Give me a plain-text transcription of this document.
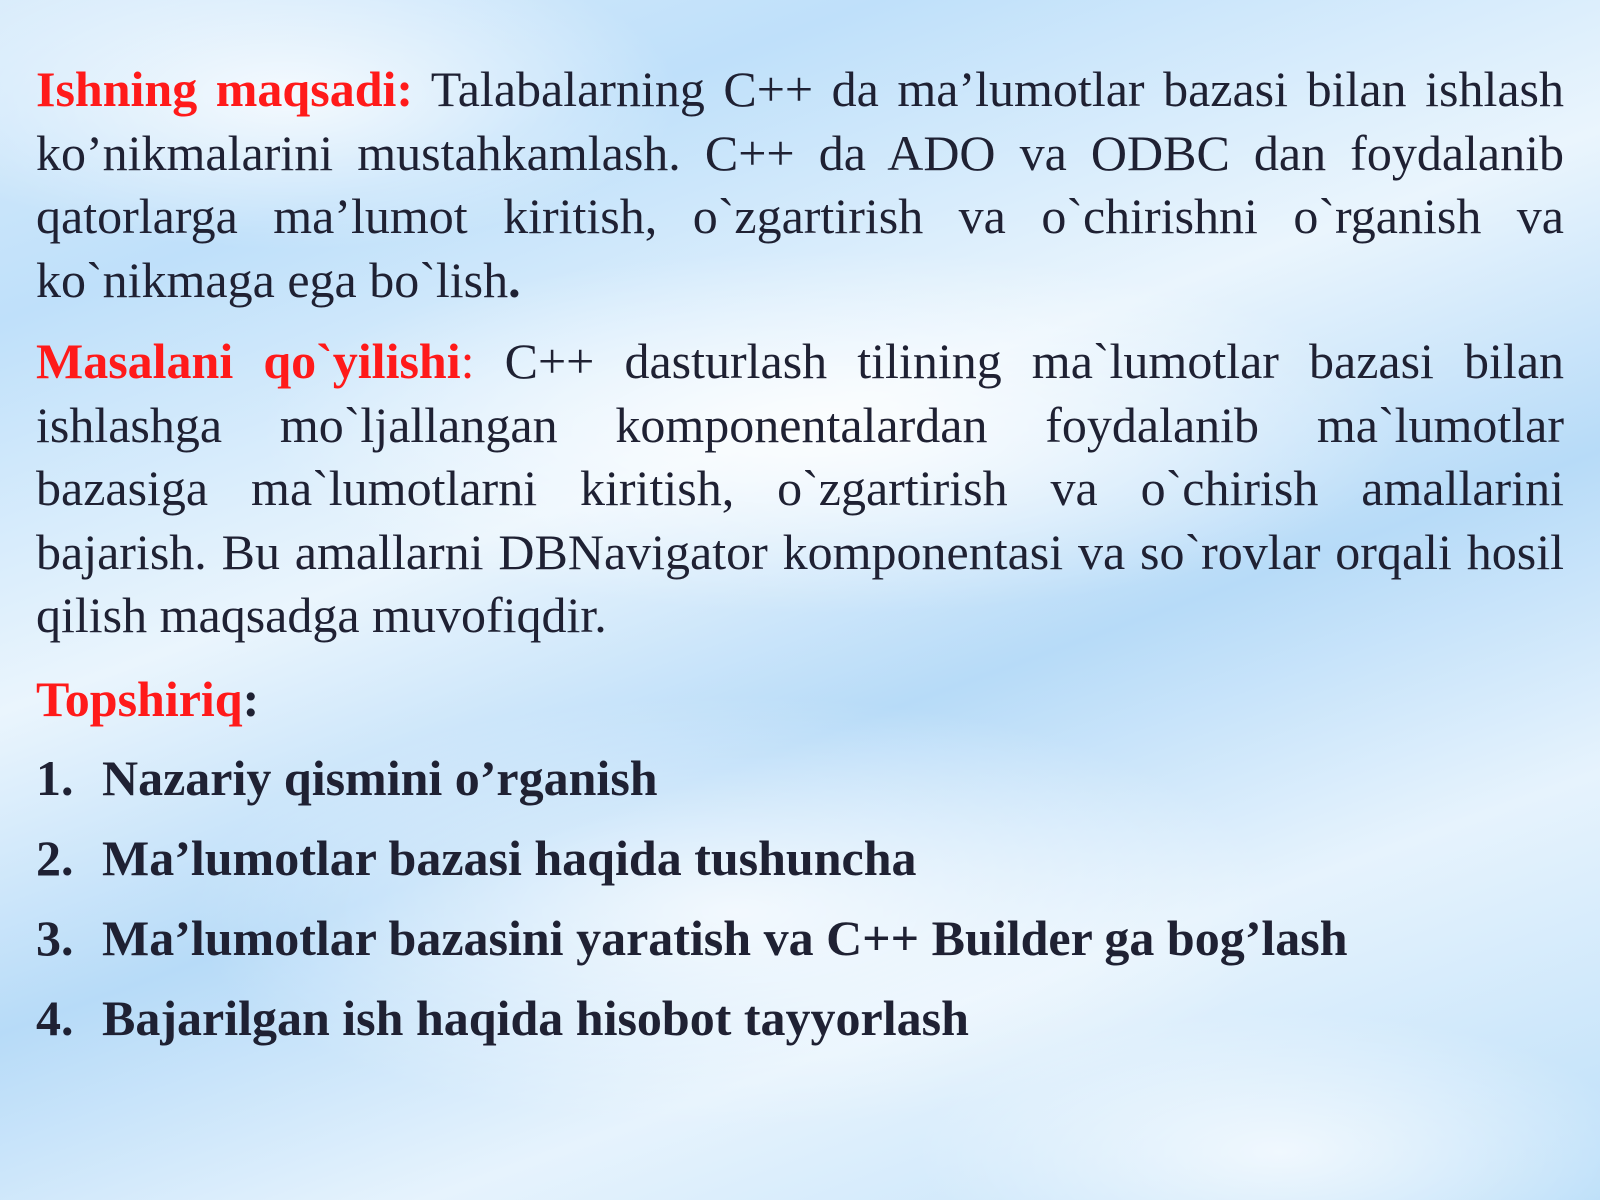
Ishning maqsadi: Talabalarning C++ da ma’lumotlar bazasi bilan ishlash ko’nikmalarini mustahkamlash. C++ da ADO va ODBC dan foydalanib qatorlarga ma’lumot kiritish, o`zgartirish va o`chirishni o`rganish va ko`nikmaga ega bo`lish.

Masalani qo`yilishi: C++ dasturlash tilining ma`lumotlar bazasi bilan ishlashga mo`ljallangan komponentalardan foydalanib ma`lumotlar bazasiga ma`lumotlarni kiritish, o`zgartirish va o`chirish amallarini bajarish. Bu amallarni DBNavigator komponentasi va so`rovlar orqali hosil qilish maqsadga muvofiqdir.

Topshiriq:

1. Nazariy qismini o’rganish
2. Ma’lumotlar bazasi haqida tushuncha
3. Ma’lumotlar bazasini yaratish va C++ Builder ga bog’lash
4. Bajarilgan ish haqida hisobot tayyorlash
